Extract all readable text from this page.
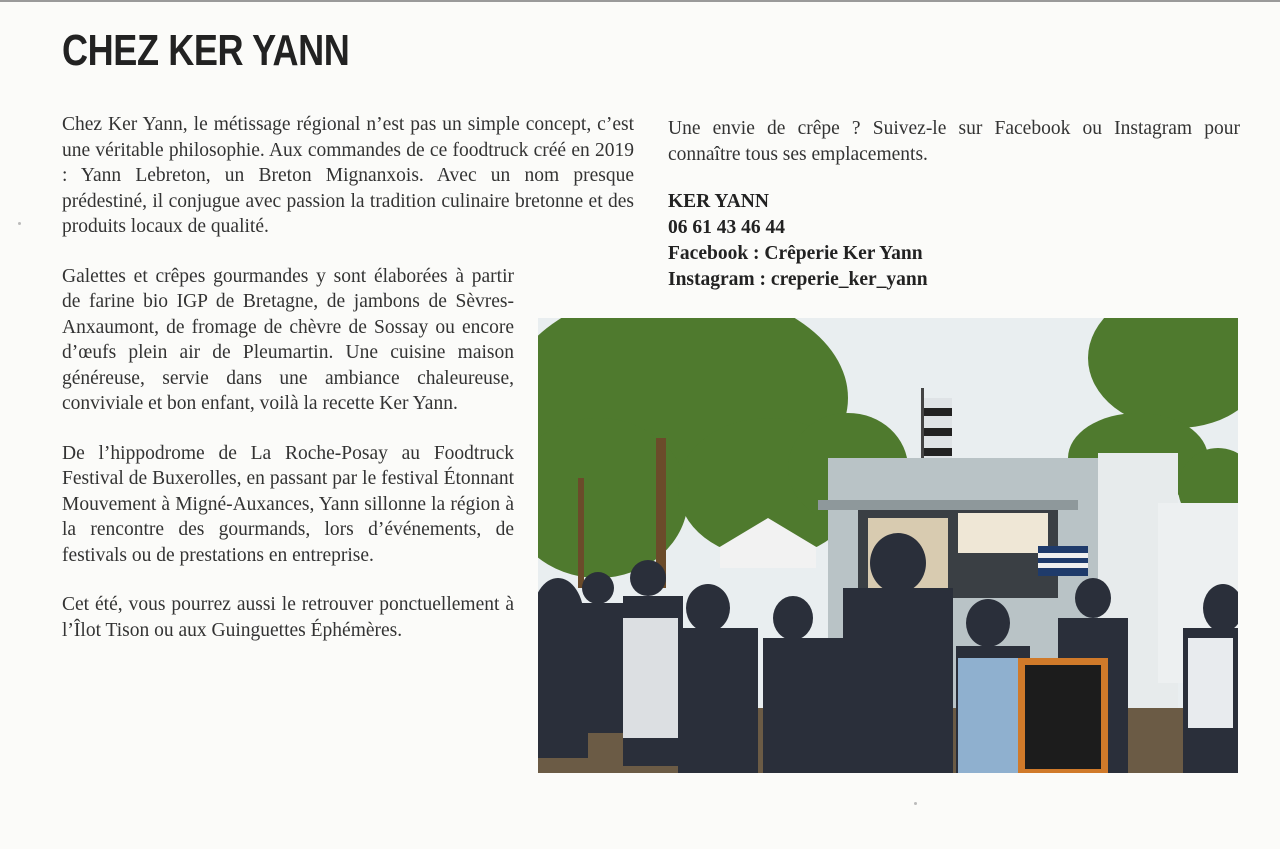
CHEZ KER YANN

Chez Ker Yann, le métissage régional n’est pas un simple concept, c’est une véritable philosophie. Aux commandes de ce foodtruck créé en 2019 : Yann Lebreton, un Breton Mignanxois. Avec un nom presque prédestiné, il conjugue avec passion la tradition culinaire bretonne et des produits locaux de qualité.

Galettes et crêpes gourmandes y sont élaborées à partir de farine bio IGP de Bretagne, de jambons de Sèvres-Anxaumont, de fromage de chèvre de Sossay ou encore d’œufs plein air de Pleumartin. Une cuisine maison généreuse, servie dans une ambiance chaleureuse, conviviale et bon enfant, voilà la recette Ker Yann.

De l’hippodrome de La Roche-Posay au Foodtruck Festival de Buxerolles, en passant par le festival Étonnant Mouvement à Migné-Auxances, Yann sillonne la région à la rencontre des gourmands, lors d’événements, de festivals ou de prestations en entreprise.

Cet été, vous pourrez aussi le retrouver ponctuellement à l’Îlot Tison ou aux Guinguettes Éphémères.

Une envie de crêpe ? Suivez-le sur Facebook ou Instagram pour connaître tous ses emplacements.

KER YANN
06 61 43 46 44
Facebook : Crêperie Ker Yann
Instagram : creperie_ker_yann
